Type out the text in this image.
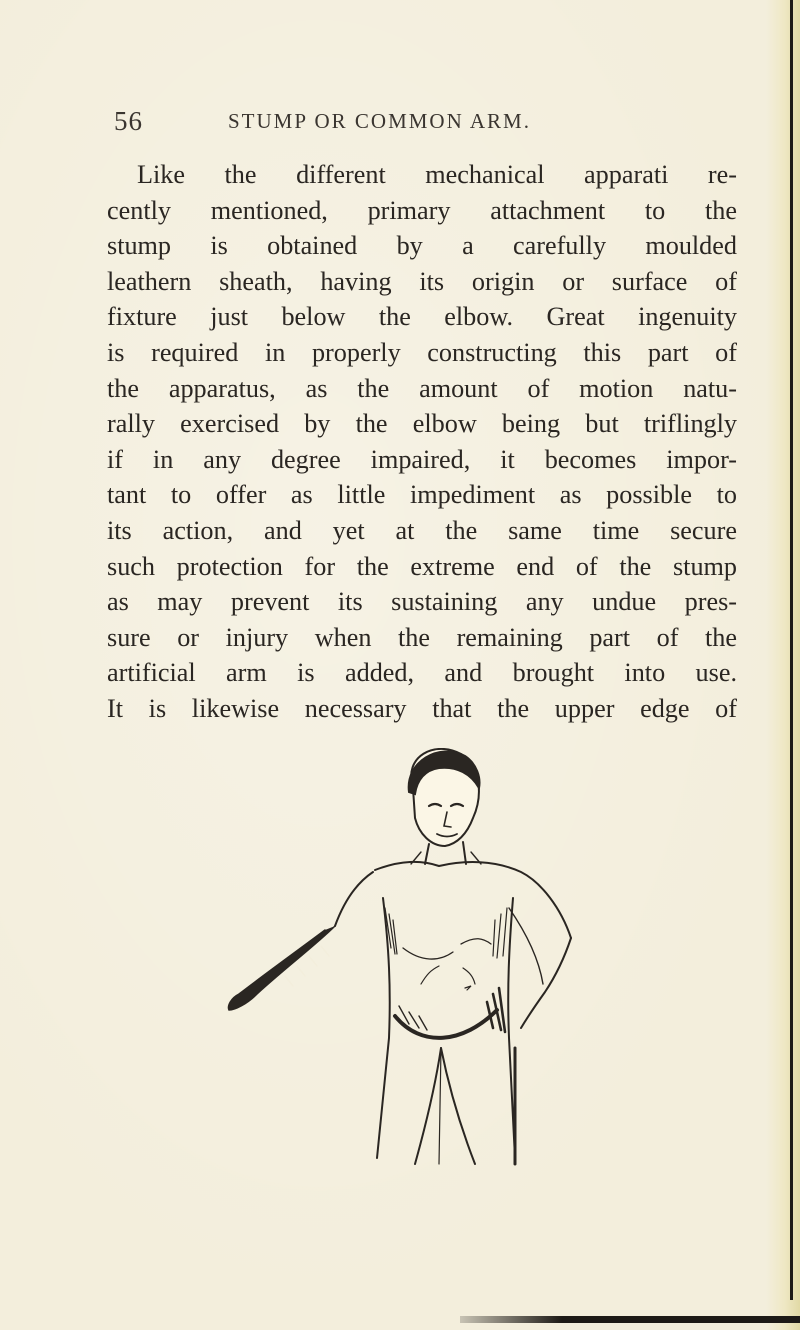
56	STUMP OR COMMON ARM.
Like the different mechanical apparati re-
cently mentioned, primary attachment to the
stump is obtained by a carefully moulded
leathern sheath, having its origin or surface of
fixture just below the elbow. Great ingenuity
is required in properly constructing this part of
the apparatus, as the amount of motion natu-
rally exercised by the elbow being but triflingly
if in any degree impaired, it becomes impor-
tant to offer as little impediment as possible to
its action, and yet at the same time secure
such protection for the extreme end of the stump
as may prevent its sustaining any undue pres-
sure or injury when the remaining part of the
artificial arm is added, and brought into use.
It is likewise necessary that the upper edge of
